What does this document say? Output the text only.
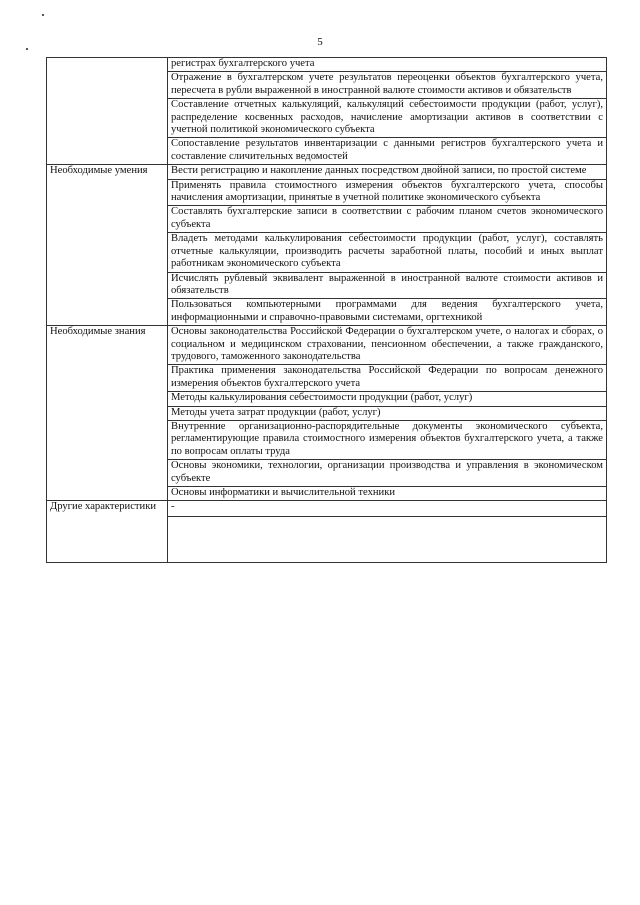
5
	регистрах бухгалтерского учета
	Отражение в бухгалтерском учете результатов переоценки объектов бухгалтерского учета, пересчета в рубли выраженной в иностранной валюте стоимости активов и обязательств
	Составление отчетных калькуляций, калькуляций себестоимости продукции (работ, услуг), распределение косвенных расходов, начисление амортизации активов в соответствии с учетной политикой экономического субъекта
	Сопоставление результатов инвентаризации с данными регистров бухгалтерского учета и составление сличительных ведомостей
Необходимые умения	Вести регистрацию и накопление данных посредством двойной записи, по простой системе
	Применять правила стоимостного измерения объектов бухгалтерского учета, способы начисления амортизации, принятые в учетной политике экономического субъекта
	Составлять бухгалтерские записи в соответствии с рабочим планом счетов экономического субъекта
	Владеть методами калькулирования себестоимости продукции (работ, услуг), составлять отчетные калькуляции, производить расчеты заработной платы, пособий и иных выплат работникам экономического субъекта
	Исчислять рублевый эквивалент выраженной в иностранной валюте стоимости активов и обязательств
	Пользоваться компьютерными программами для ведения бухгалтерского учета, информационными и справочно-правовыми системами, оргтехникой
Необходимые знания	Основы законодательства Российской Федерации о бухгалтерском учете, о налогах и сборах, о социальном и медицинском страховании, пенсионном обеспечении, а также гражданского, трудового, таможенного законодательства
	Практика применения законодательства Российской Федерации по вопросам денежного измерения объектов бухгалтерского учета
	Методы калькулирования себестоимости продукции (работ, услуг)
	Методы учета затрат продукции (работ, услуг)
	Внутренние организационно-распорядительные документы экономического субъекта, регламентирующие правила стоимостного измерения объектов бухгалтерского учета, а также по вопросам оплаты труда
	Основы экономики, технологии, организации производства и управления в экономическом субъекте
	Основы информатики и вычислительной техники
Другие характеристики	-
